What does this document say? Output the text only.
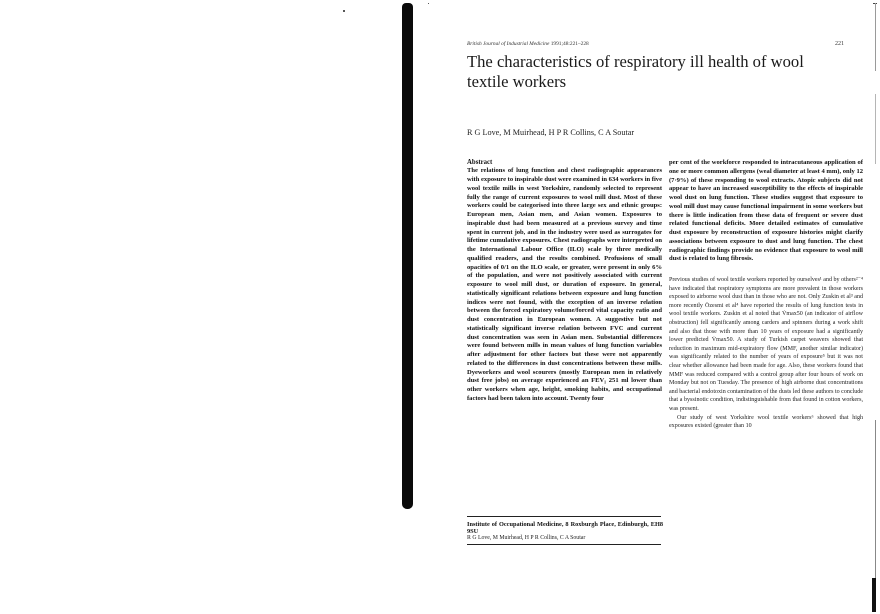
British Journal of Industrial Medicine 1991;48:221–228	221
The characteristics of respiratory ill health of wool textile workers
R G Love, M Muirhead, H P R Collins, C A Soutar
Abstract

The relations of lung function and chest radiographic appearances with exposure to inspirable dust were examined in 634 workers in five wool textile mills in west Yorkshire, randomly selected to represent fully the range of current exposures to wool mill dust. Most of these workers could be categorised into three large sex and ethnic groups: European men, Asian men, and Asian women. Exposures to inspirable dust had been measured at a previous survey and time spent in current job, and in the industry were used as surrogates for lifetime cumulative exposures. Chest radiographs were interpreted on the International Labour Office (ILO) scale by three medically qualified readers, and the results combined. Profusions of small opacities of 0/1 on the ILO scale, or greater, were present in only 6% of the population, and were not positively associated with current exposure to wool mill dust, or duration of exposure. In general, statistically significant relations between exposure and lung function indices were not found, with the exception of an inverse relation between the forced expiratory volume/forced vital capacity ratio and dust concentration in European women. A suggestive but not statistically significant inverse relation between FVC and current dust concentration was seen in Asian men. Substantial differences were found between mills in mean values of lung function variables after adjustment for other factors but these were not apparently related to the differences in dust concentrations between these mills. Dyeworkers and wool scourers (mostly European men in relatively dust free jobs) on average experienced an FEV₁ 251 ml lower than other workers when age, height, smoking habits, and occupational factors had been taken into account. Twenty four

per cent of the workforce responded to intracutaneous application of one or more common allergens (weal diameter at least 4 mm), only 12 (7·9%) of these responding to wool extracts. Atopic subjects did not appear to have an increased susceptibility to the effects of inspirable wool dust on lung function. These studies suggest that exposure to wool mill dust may cause functional impairment in some workers but there is little indication from these data of frequent or severe dust related functional deficits. More detailed estimates of cumulative dust exposure by reconstruction of exposure histories might clarify associations between exposure to dust and lung function. The chest radiographic findings provide no evidence that exposure to wool mill dust is related to lung fibrosis.

Previous studies of wool textile workers reported by ourselves¹ and by others²⁻⁴ have indicated that respiratory symptoms are more prevalent in those workers exposed to airborne wool dust than in those who are not. Only Zuskin et al³ and more recently Özesmi et al⁴ have reported the results of lung function tests in wool textile workers. Zuskin et al noted that V̇max50 (an indicator of airflow obstruction) fell significantly among carders and spinners during a work shift and also that those with more than 10 years of exposure had a significantly lower predicted V̇max50. A study of Turkish carpet weavers showed that reduction in maximum mid-expiratory flow (MMF, another similar indicator) was significantly related to the number of years of exposure⁵ but it was not clear whether allowance had been made for age. Also, these workers found that MMF was reduced compared with a control group after four hours of work on Monday but not on Tuesday. The presence of high airborne dust concentrations and bacterial endotoxin contamination of the dusts led these authors to conclude that a byssinotic condition, indistinguishable from that found in cotton workers, was present.

Our study of west Yorkshire wool textile workers⁶ showed that high exposures existed (greater than 10

Institute of Occupational Medicine, 8 Roxburgh Place, Edinburgh, EH8 9SU

R G Love, M Muirhead, H P R Collins, C A Soutar
